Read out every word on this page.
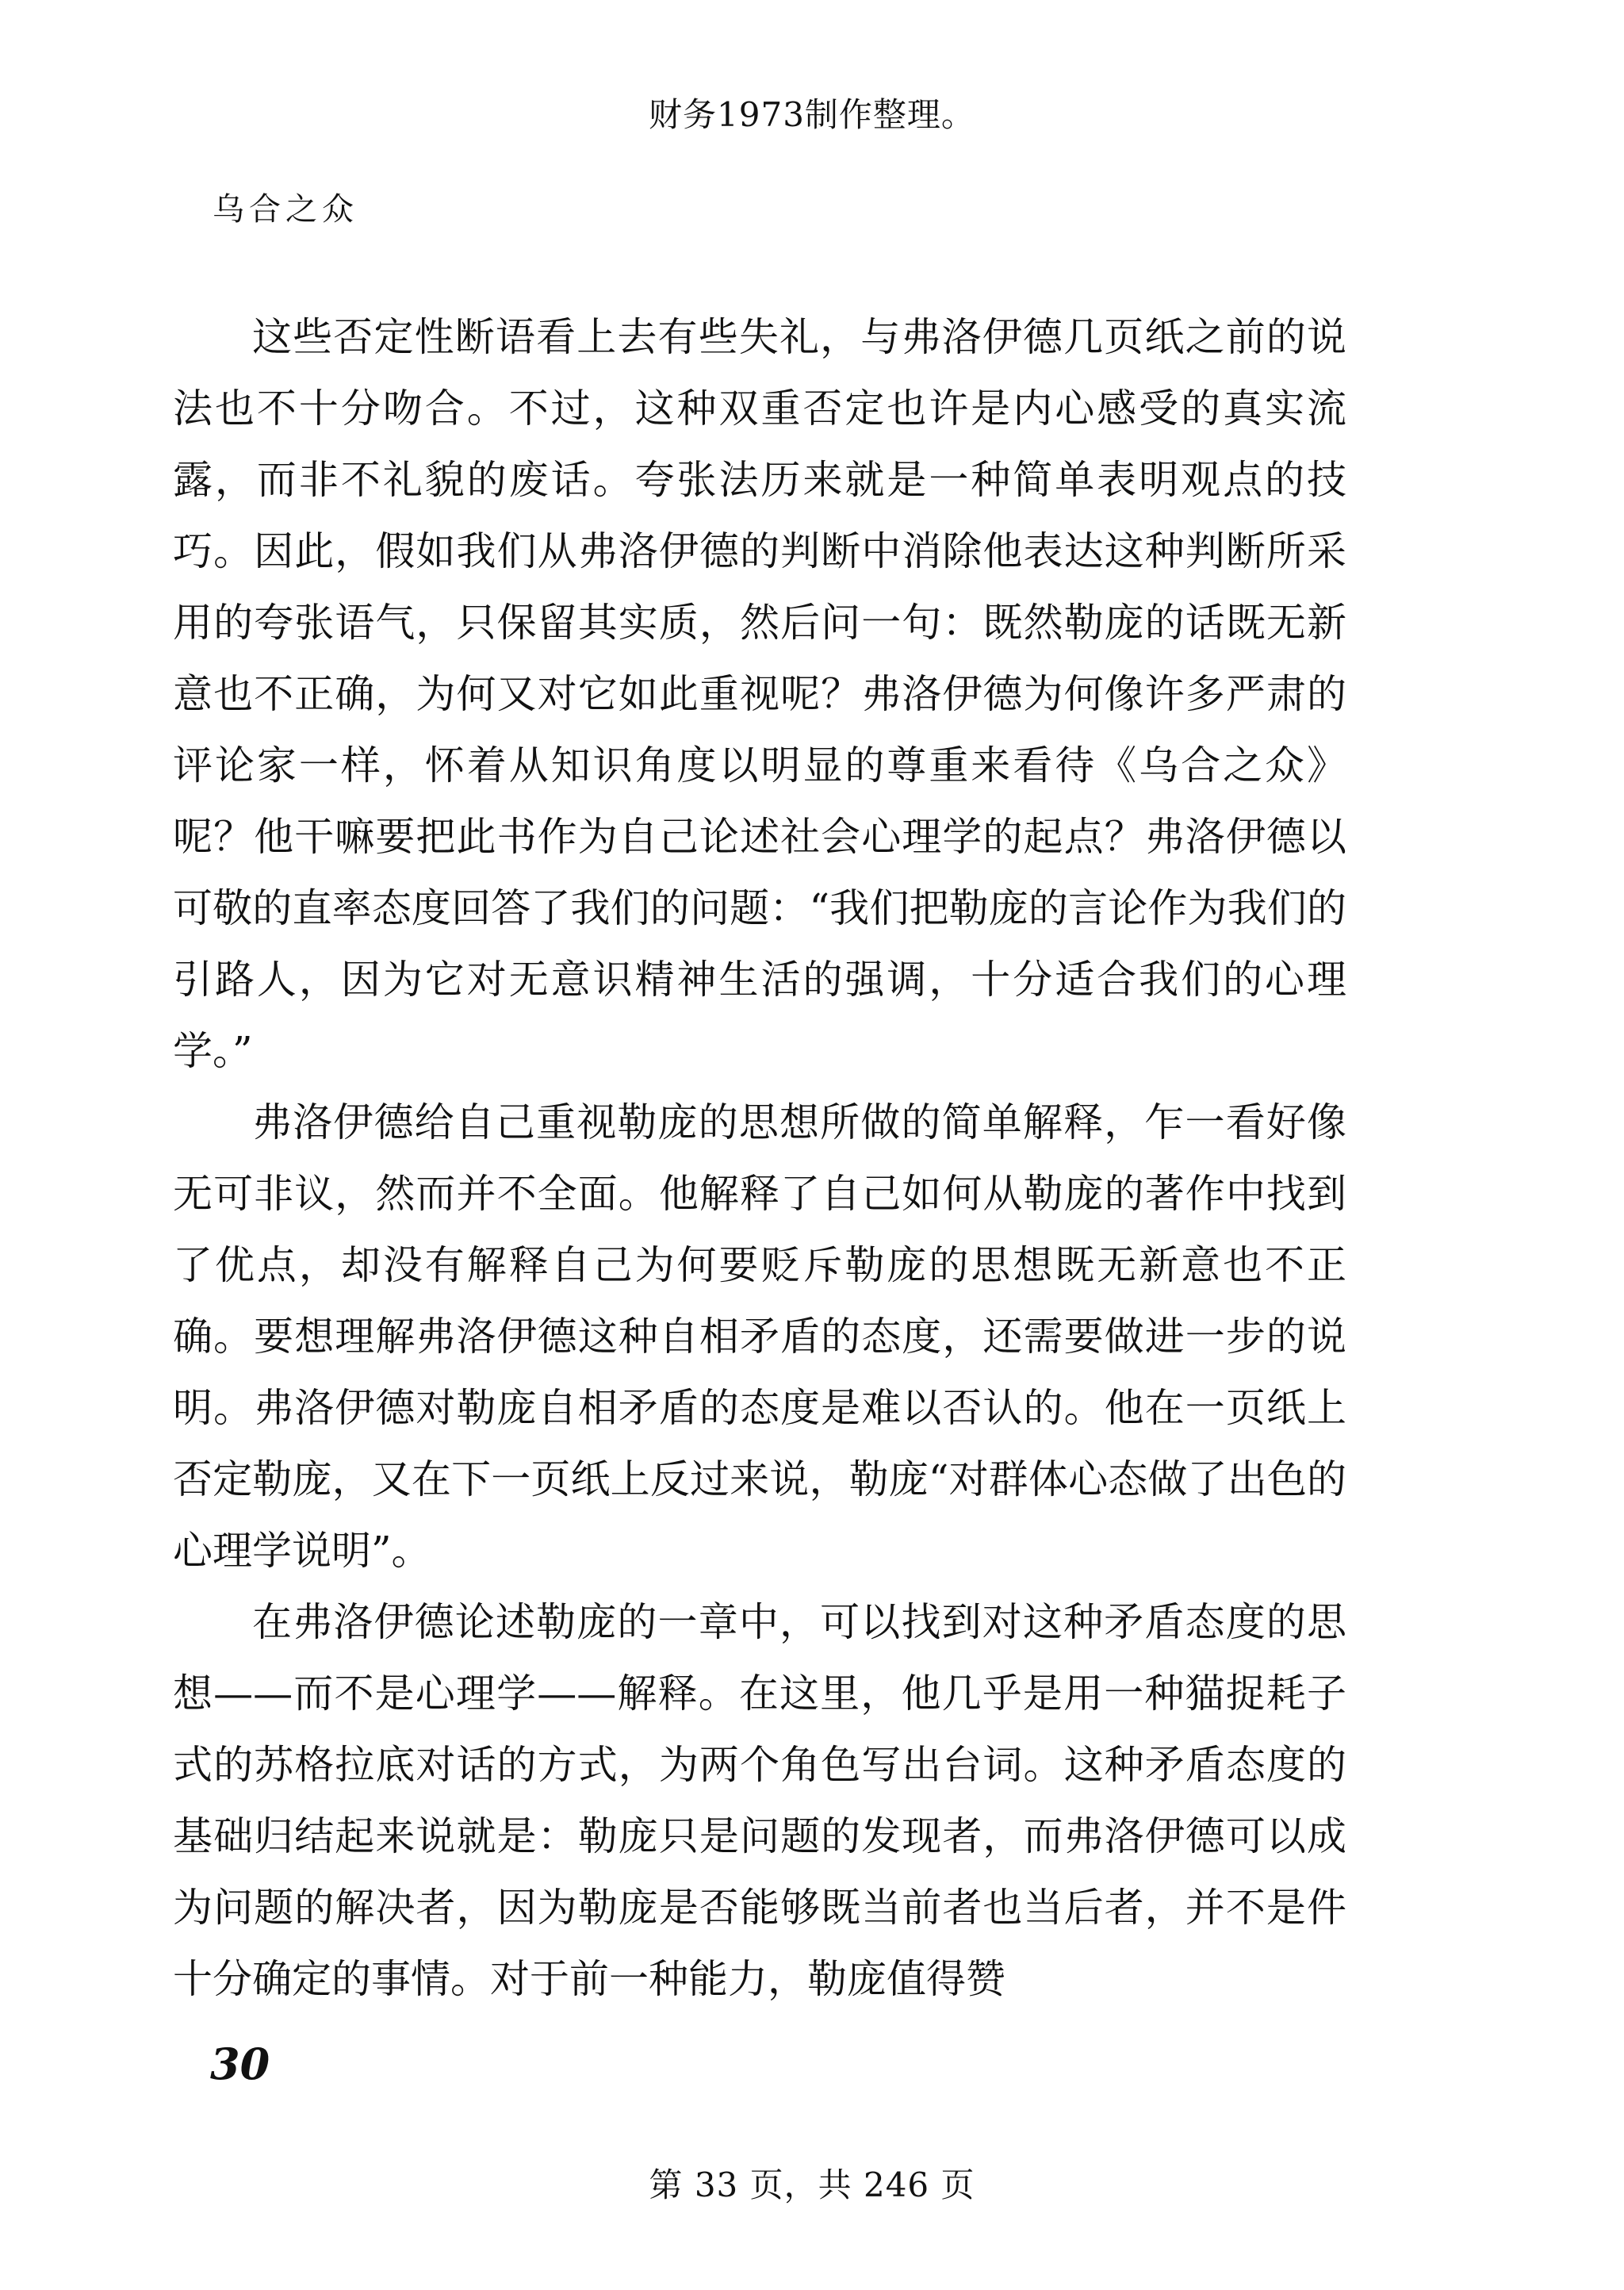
财务1973制作整理。
乌合之众

这些否定性断语看上去有些失礼，与弗洛伊德几页纸之前的说法也不十分吻合。不过，这种双重否定也许是内心感受的真实流露，而非不礼貌的废话。夸张法历来就是一种简单表明观点的技巧。因此，假如我们从弗洛伊德的判断中消除他表达这种判断所采用的夸张语气，只保留其实质，然后问一句：既然勒庞的话既无新意也不正确，为何又对它如此重视呢？弗洛伊德为何像许多严肃的评论家一样，怀着从知识角度以明显的尊重来看待《乌合之众》呢？他干嘛要把此书作为自己论述社会心理学的起点？弗洛伊德以可敬的直率态度回答了我们的问题：“我们把勒庞的言论作为我们的引路人，因为它对无意识精神生活的强调，十分适合我们的心理学。”

弗洛伊德给自己重视勒庞的思想所做的简单解释，乍一看好像无可非议，然而并不全面。他解释了自己如何从勒庞的著作中找到了优点，却没有解释自己为何要贬斥勒庞的思想既无新意也不正确。要想理解弗洛伊德这种自相矛盾的态度，还需要做进一步的说明。弗洛伊德对勒庞自相矛盾的态度是难以否认的。他在一页纸上否定勒庞，又在下一页纸上反过来说，勒庞“对群体心态做了出色的心理学说明”。

在弗洛伊德论述勒庞的一章中，可以找到对这种矛盾态度的思想——而不是心理学——解释。在这里，他几乎是用一种猫捉耗子式的苏格拉底对话的方式，为两个角色写出台词。这种矛盾态度的基础归结起来说就是：勒庞只是问题的发现者，而弗洛伊德可以成为问题的解决者，因为勒庞是否能够既当前者也当后者，并不是件十分确定的事情。对于前一种能力，勒庞值得赞

30
第 33 页，共 246 页
